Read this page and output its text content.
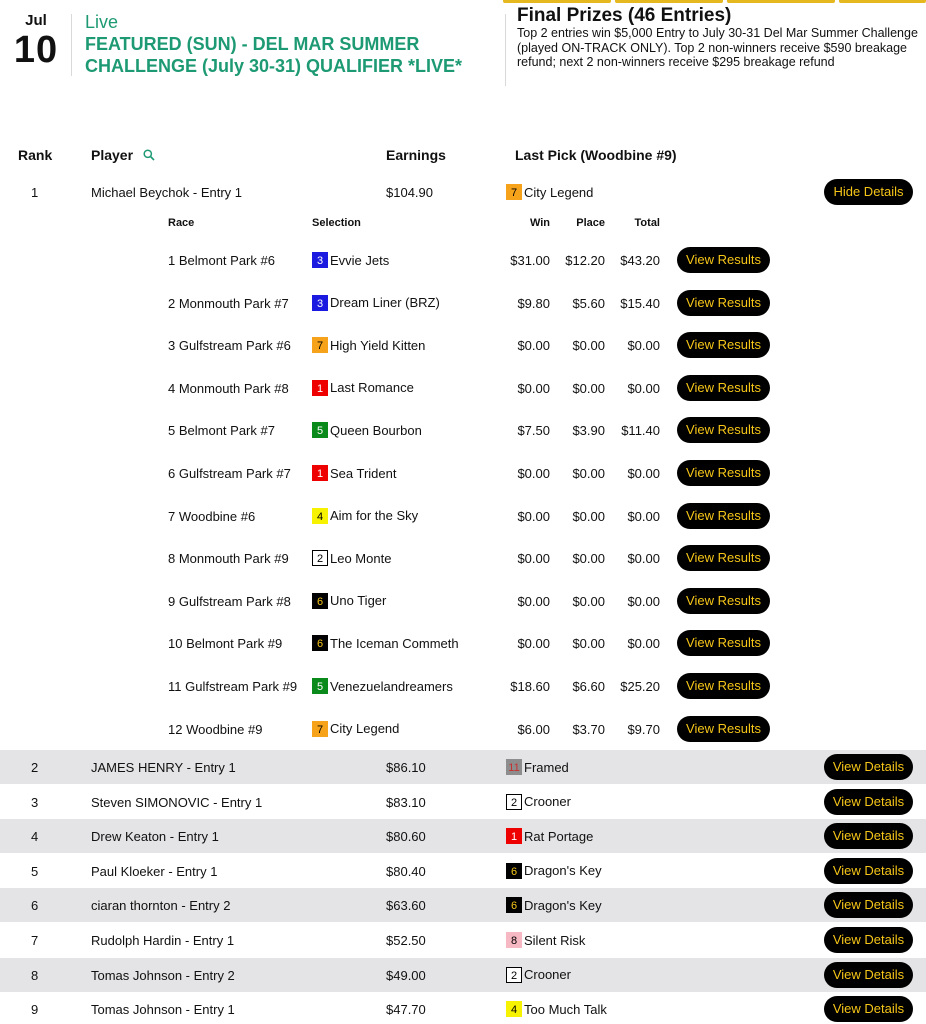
Jul
10
Live
FEATURED (SUN) - DEL MAR SUMMER CHALLENGE (July 30-31) QUALIFIER *LIVE*
Final Prizes (46 Entries)
Top 2 entries win $5,000 Entry to July 30-31 Del Mar Summer Challenge (played ON-TRACK ONLY). Top 2 non-winners receive $590 breakage refund; next 2 non-winners receive $295 breakage refund
Rank	Player	Earnings	Last Pick (Woodbine #9)
1	Michael Beychok - Entry 1	$104.90	7 City Legend	Hide Details
Race	Selection	Win	Place	Total
1 Belmont Park #6	3 Evvie Jets	$31.00	$12.20	$43.20	View Results
2 Monmouth Park #7	3 Dream Liner (BRZ)	$9.80	$5.60	$15.40	View Results
3 Gulfstream Park #6	7 High Yield Kitten	$0.00	$0.00	$0.00	View Results
4 Monmouth Park #8	1 Last Romance	$0.00	$0.00	$0.00	View Results
5 Belmont Park #7	5 Queen Bourbon	$7.50	$3.90	$11.40	View Results
6 Gulfstream Park #7	1 Sea Trident	$0.00	$0.00	$0.00	View Results
7 Woodbine #6	4 Aim for the Sky	$0.00	$0.00	$0.00	View Results
8 Monmouth Park #9	2 Leo Monte	$0.00	$0.00	$0.00	View Results
9 Gulfstream Park #8	6 Uno Tiger	$0.00	$0.00	$0.00	View Results
10 Belmont Park #9	6 The Iceman Commeth	$0.00	$0.00	$0.00	View Results
11 Gulfstream Park #9	5 Venezuelandreamers	$18.60	$6.60	$25.20	View Results
12 Woodbine #9	7 City Legend	$6.00	$3.70	$9.70	View Results
2	JAMES HENRY - Entry 1	$86.10	11 Framed	View Details
3	Steven SIMONOVIC - Entry 1	$83.10	2 Crooner	View Details
4	Drew Keaton - Entry 1	$80.60	1 Rat Portage	View Details
5	Paul Kloeker - Entry 1	$80.40	6 Dragon's Key	View Details
6	ciaran thornton - Entry 2	$63.60	6 Dragon's Key	View Details
7	Rudolph Hardin - Entry 1	$52.50	8 Silent Risk	View Details
8	Tomas Johnson - Entry 2	$49.00	2 Crooner	View Details
9	Tomas Johnson - Entry 1	$47.70	4 Too Much Talk	View Details
